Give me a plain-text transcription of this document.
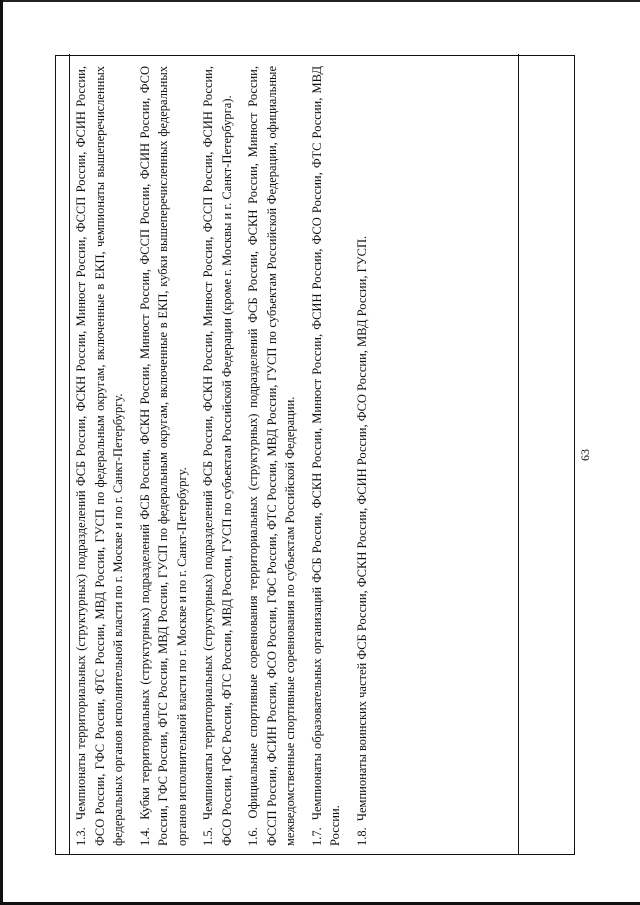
63

1.3. Чемпионаты территориальных (структурных) подразделений ФСБ России, ФСКН России, Минюст России, ФССП России, ФСИН России, ФСО России, ГФС России, ФТС России, МВД России, ГУСП по федеральным округам, включенные в ЕКП, чемпионаты вышеперечисленных федеральных органов исполнительной власти по г. Москве и по г. Санкт-Петербургу. 1.4. Кубки территориальных (структурных) подразделений ФСБ России, ФСКН России, Минюст России, ФССП России, ФСИН России, ФСО России, ГФС России, ФТС России, МВД России, ГУСП по федеральным округам, включенные в ЕКП, кубки вышеперечисленных федеральных органов исполнительной власти по г. Москве и по г. Санкт-Петербургу. 1.5. Чемпионаты территориальных (структурных) подразделений ФСБ России, ФСКН России, Минюст России, ФССП России, ФСИН России, ФСО России, ГФС России, ФТС России, МВД России, ГУСП по субъектам Российской Федерации (кроме г. Москвы и г. Санкт-Петербурга). 1.6. Официальные спортивные соревнования территориальных (структурных) подразделений ФСБ России, ФСКН России, Минюст России, ФССП России, ФСИН России, ФСО России, ГФС России, ФТС России, МВД России, ГУСП по субъектам Российской Федерации, официальные межведомственные спортивные соревнования по субъектам Российской Федерации. 1.7. Чемпионаты образовательных организаций ФСБ России, ФСКН России, Минюст России, ФСИН России, ФСО России, ФТС России, МВД России. 1.8. Чемпионаты воинских частей ФСБ России, ФСКН России, ФСИН России, ФСО России, МВД России, ГУСП.
